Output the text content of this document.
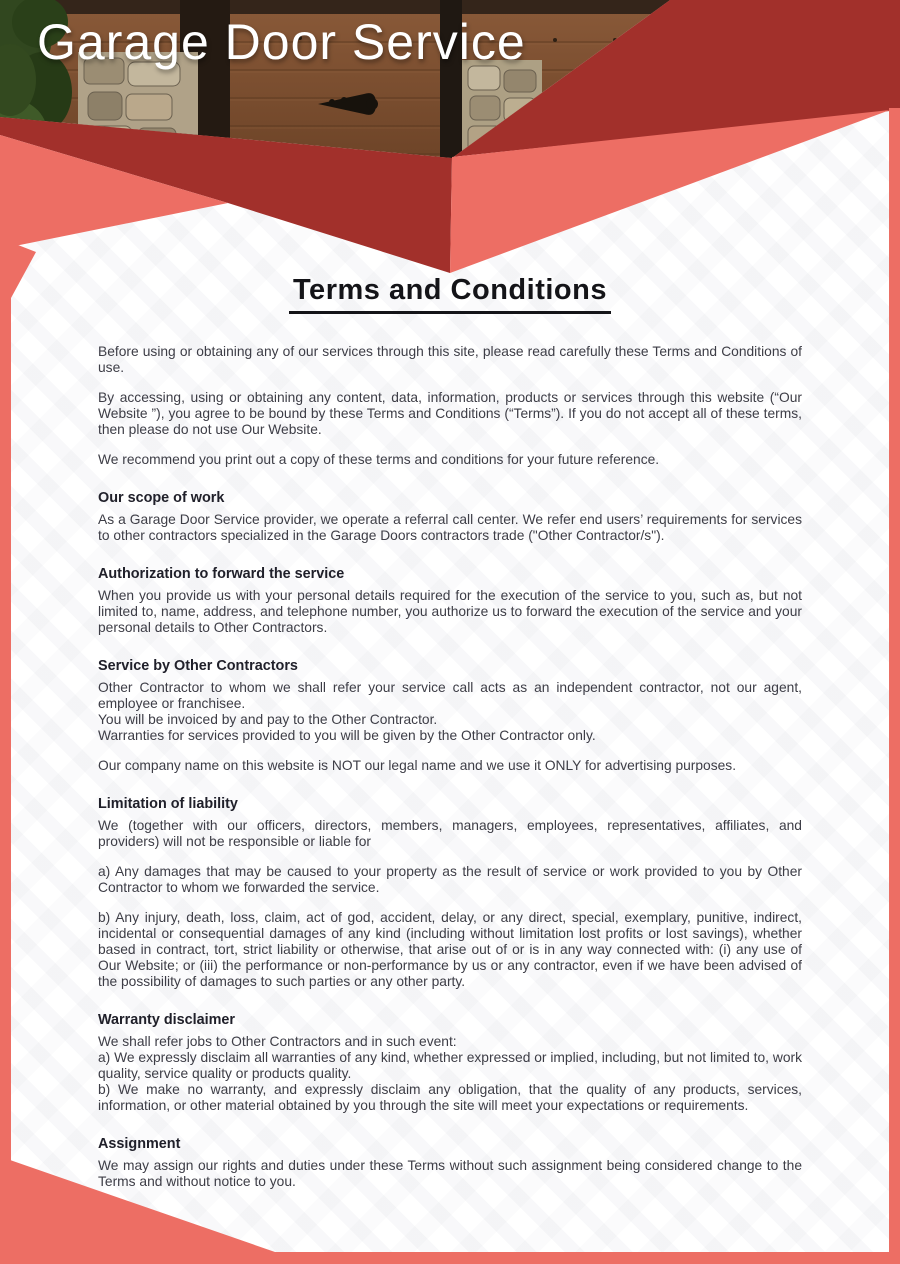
Garage Door Service
Terms and Conditions

Before using or obtaining any of our services through this site, please read carefully these Terms and Conditions of use.

By accessing, using or obtaining any content, data, information, products or services through this website (“Our Website ”), you agree to be bound by these Terms and Conditions (“Terms”). If you do not accept all of these terms, then please do not use Our Website.

We recommend you print out a copy of these terms and conditions for your future reference.

Our scope of work

As a Garage Door Service provider, we operate a referral call center. We refer end users’ requirements for services to other contractors specialized in the Garage Doors contractors trade ("Other Contractor/s").

Authorization to forward the service

When you provide us with your personal details required for the execution of the service to you, such as, but not limited to, name, address, and telephone number, you authorize us to forward the execution of the service and your personal details to Other Contractors.

Service by Other Contractors

Other Contractor to whom we shall refer your service call acts as an independent contractor, not our agent, employee or franchisee.
You will be invoiced by and pay to the Other Contractor.
Warranties for services provided to you will be given by the Other Contractor only.

Our company name on this website is NOT our legal name and we use it ONLY for advertising purposes.

Limitation of liability

We (together with our officers, directors, members, managers, employees, representatives, affiliates, and providers) will not be responsible or liable for

a) Any damages that may be caused to your property as the result of service or work provided to you by Other Contractor to whom we forwarded the service.

b) Any injury, death, loss, claim, act of god, accident, delay, or any direct, special, exemplary, punitive, indirect, incidental or consequential damages of any kind (including without limitation lost profits or lost savings), whether based in contract, tort, strict liability or otherwise, that arise out of or is in any way connected with: (i) any use of Our Website; or (iii) the performance or non-performance by us or any contractor, even if we have been advised of the possibility of damages to such parties or any other party.

Warranty disclaimer

We shall refer jobs to Other Contractors and in such event:
a) We expressly disclaim all warranties of any kind, whether expressed or implied, including, but not limited to, work quality, service quality or products quality.
b) We make no warranty, and expressly disclaim any obligation, that the quality of any products, services, information, or other material obtained by you through the site will meet your expectations or requirements.

Assignment

We may assign our rights and duties under these Terms without such assignment being considered change to the Terms and without notice to you.
